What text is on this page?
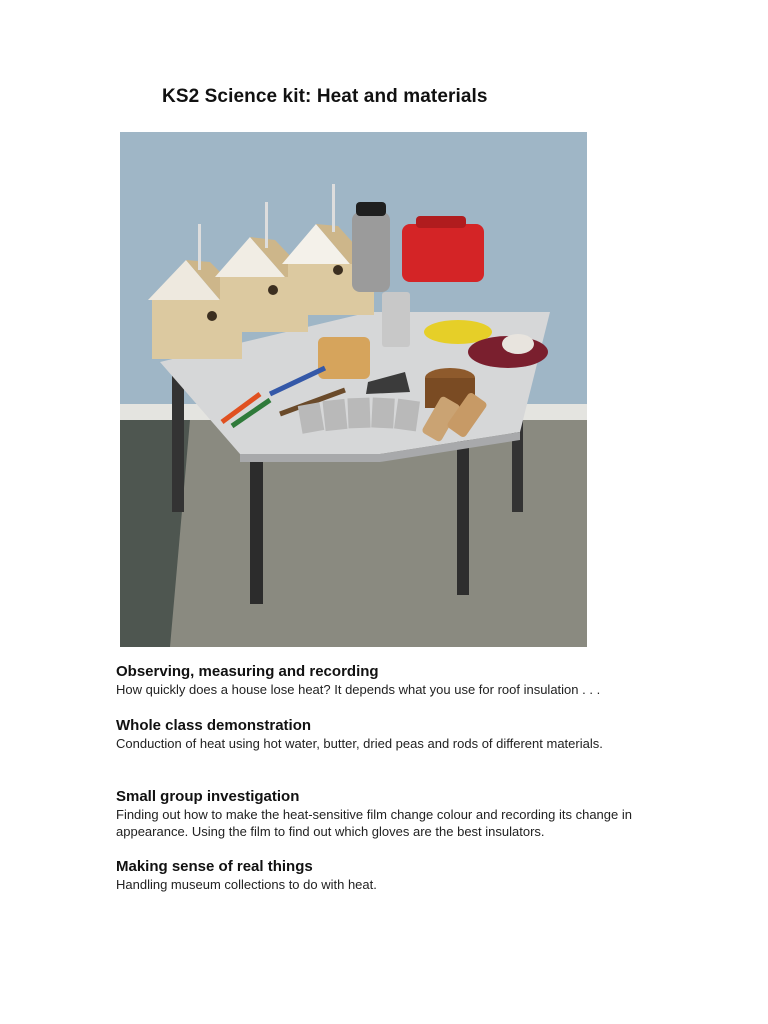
KS2 Science kit: Heat and materials
Observing, measuring and recording

How quickly does a house lose heat? It depends what you use for roof insulation . . .

Whole class demonstration

Conduction of heat using hot water, butter, dried peas and rods of different materials.

Small group investigation

Finding out how to make the heat-sensitive film change colour and recording its change in appearance. Using the film to find out which gloves are the best insulators.

Making sense of real things

Handling museum collections to do with heat.
